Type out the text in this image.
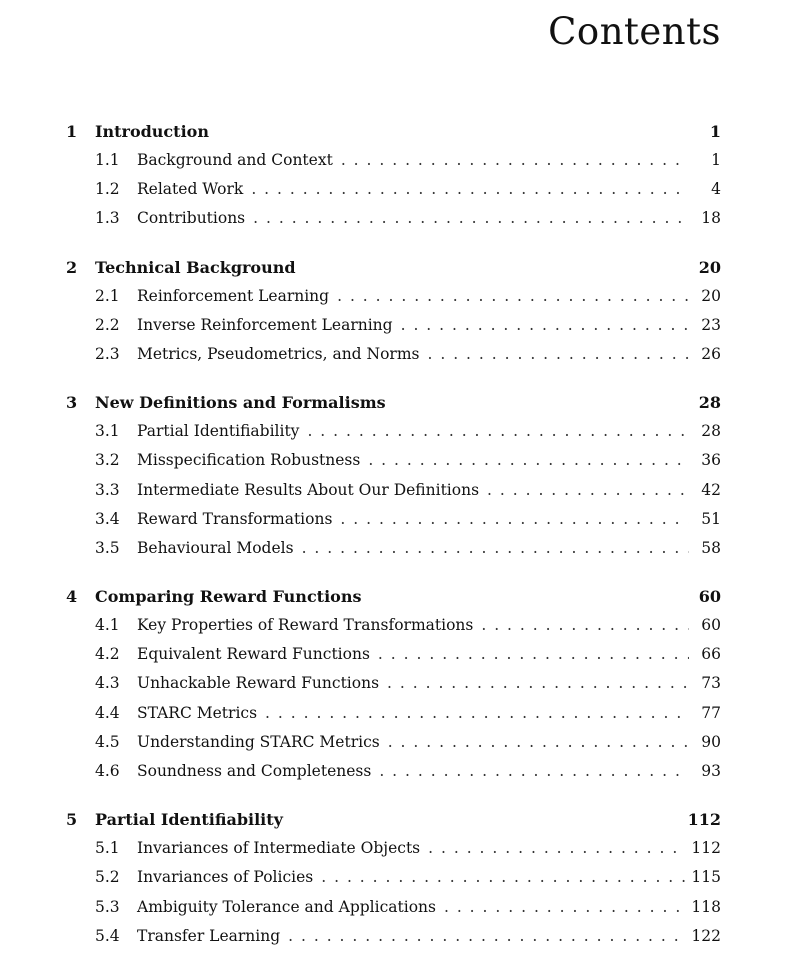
Contents
1	Introduction	1
1.1	Background and Context . . .	1
1.2	Related Work . . .	4
1.3	Contributions . . .	18
2	Technical Background	20
2.1	Reinforcement Learning . . .	20
2.2	Inverse Reinforcement Learning . . .	23
2.3	Metrics, Pseudometrics, and Norms . . .	26
3	New Definitions and Formalisms	28
3.1	Partial Identifiability . . .	28
3.2	Misspecification Robustness . . .	36
3.3	Intermediate Results About Our Definitions . . .	42
3.4	Reward Transformations . . .	51
3.5	Behavioural Models . . .	58
4	Comparing Reward Functions	60
4.1	Key Properties of Reward Transformations . . .	60
4.2	Equivalent Reward Functions . . .	66
4.3	Unhackable Reward Functions . . .	73
4.4	STARC Metrics . . .	77
4.5	Understanding STARC Metrics . . .	90
4.6	Soundness and Completeness . . .	93
5	Partial Identifiability	112
5.1	Invariances of Intermediate Objects . . .	112
5.2	Invariances of Policies . . .	115
5.3	Ambiguity Tolerance and Applications . . .	118
5.4	Transfer Learning . . .	122
